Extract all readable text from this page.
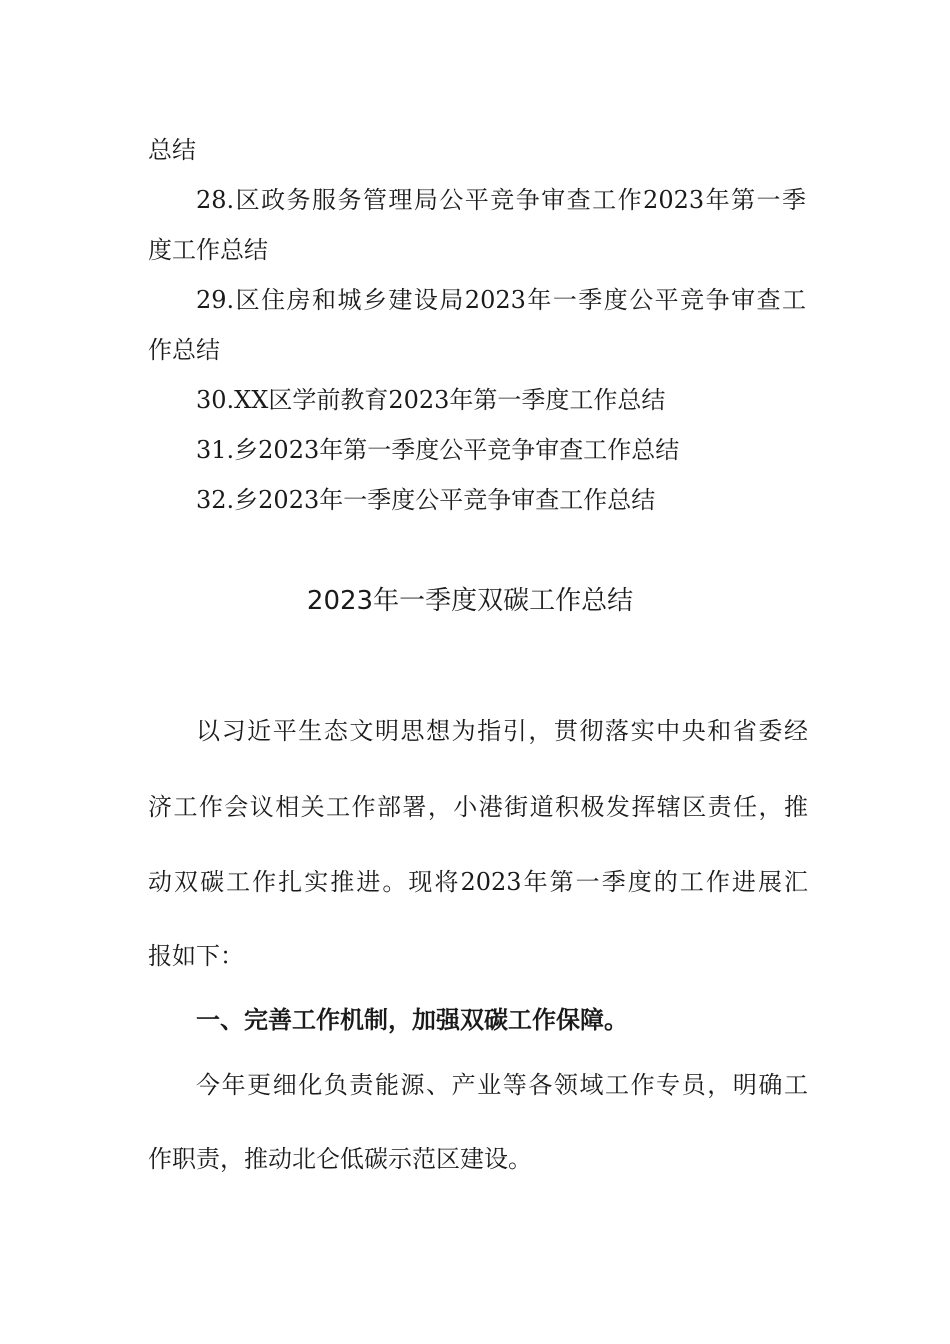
总结
28.区政务服务管理局公平竞争审查工作2023年第一季
度工作总结
29.区住房和城乡建设局2023年一季度公平竞争审查工
作总结
30.XX区学前教育2023年第一季度工作总结
31.乡2023年第一季度公平竞争审查工作总结
32.乡2023年一季度公平竞争审查工作总结
2023年一季度双碳工作总结
以习近平生态文明思想为指引，贯彻落实中央和省委经
济工作会议相关工作部署，小港街道积极发挥辖区责任，推
动双碳工作扎实推进。现将2023年第一季度的工作进展汇
报如下：
一、完善工作机制，加强双碳工作保障。
今年更细化负责能源、产业等各领域工作专员，明确工
作职责，推动北仑低碳示范区建设。
